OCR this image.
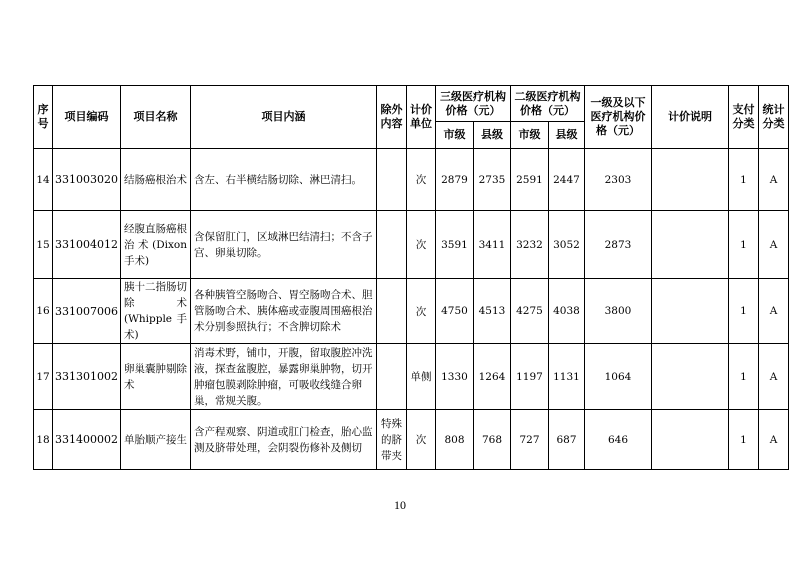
序号	项目编码	项目名称	项目内涵	除外内容	计价单位	三级医疗机构价格（元）		二级医疗机构价格（元）		一级及以下医疗机构价格（元）	计价说明	支付分类	统计分类
						市级	县级	市级	县级				
14	331003020	结肠癌根治术	含左、右半横结肠切除、淋巴清扫。		次	2879	2735	2591	2447	2303		1	A
15	331004012	经腹直肠癌根治术(Dixon手术)	含保留肛门，区域淋巴结清扫；不含子宫、卵巢切除。		次	3591	3411	3232	3052	2873		1	A
16	331007006	胰十二指肠切除术(Whipple手术)	各种胰管空肠吻合、胃空肠吻合术、胆管肠吻合术、胰体癌或壶腹周围癌根治术分别参照执行；不含脾切除术		次	4750	4513	4275	4038	3800		1	A
17	331301002	卵巢囊肿剔除术	消毒术野，铺巾，开腹，留取腹腔冲洗液，探查盆腹腔，暴露卵巢肿物，切开肿瘤包膜剥除肿瘤，可吸收线缝合卵巢，常规关腹。		单侧	1330	1264	1197	1131	1064		1	A
18	331400002	单胎顺产接生	含产程观察、阴道或肛门检查，胎心监测及脐带处理，会阴裂伤修补及侧切	特殊的脐带夹	次	808	768	727	687	646		1	A
10
